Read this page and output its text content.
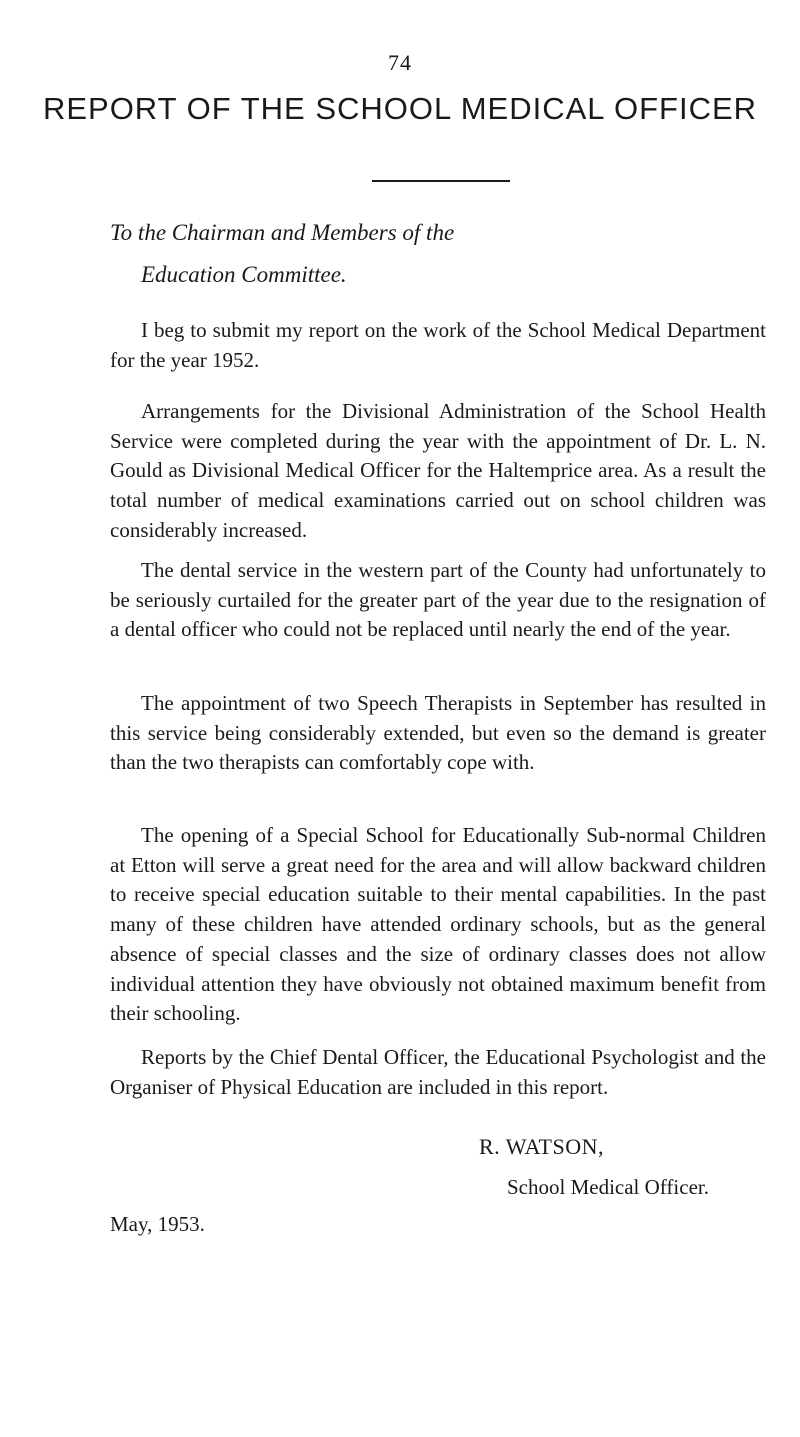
74
REPORT OF THE SCHOOL MEDICAL OFFICER
To the Chairman and Members of the
Education Committee.

I beg to submit my report on the work of the School Medical Department for the year 1952.

Arrangements for the Divisional Administration of the School Health Service were completed during the year with the appointment of Dr. L. N. Gould as Divisional Medical Officer for the Haltemprice area. As a result the total number of medical examinations carried out on school children was considerably increased.

The dental service in the western part of the County had unfortunately to be seriously curtailed for the greater part of the year due to the resignation of a dental officer who could not be replaced until nearly the end of the year.

The appointment of two Speech Therapists in September has resulted in this service being considerably extended, but even so the demand is greater than the two therapists can comfortably cope with.

The opening of a Special School for Educationally Sub-normal Children at Etton will serve a great need for the area and will allow backward children to receive special education suitable to their mental capabilities. In the past many of these children have attended ordinary schools, but as the general absence of special classes and the size of ordinary classes does not allow individual attention they have obviously not obtained maximum benefit from their schooling.

Reports by the Chief Dental Officer, the Educational Psychologist and the Organiser of Physical Education are included in this report.

R. WATSON,
School Medical Officer.
May, 1953.
